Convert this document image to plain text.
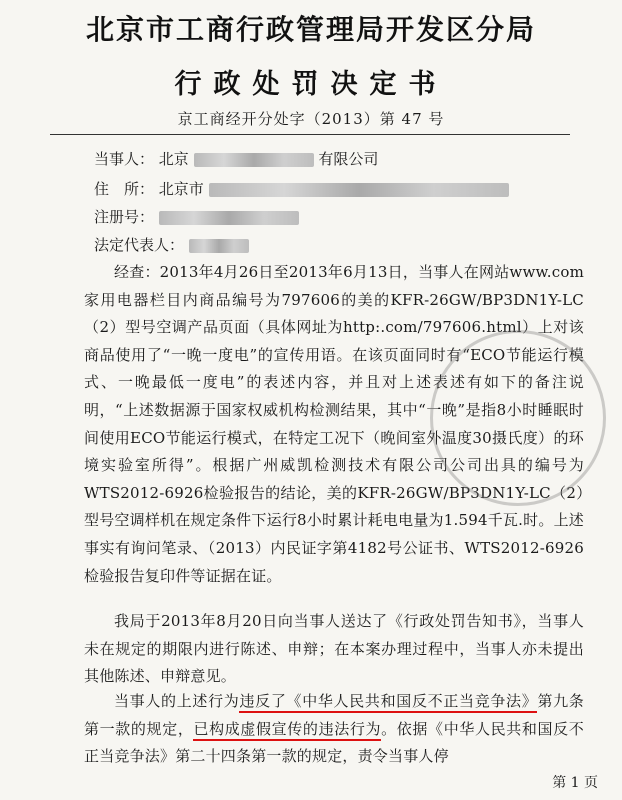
北京市工商行政管理局开发区分局
行政处罚决定书
京工商经开分处字（2013）第 47 号
当事人： 北京	有限公司
住　所： 北京市
注册号：
法定代表人：
经查：2013年4月26日至2013年6月13日，当事人在网站www.com家用电器栏目内商品编号为797606的美的KFR-26GW/BP3DN1Y-LC（2）型号空调产品页面（具体网址为http:.com/797606.html）上对该商品使用了“一晚一度电”的宣传用语。在该页面同时有“ECO节能运行模式、一晚最低一度电”的表述内容，并且对上述表述有如下的备注说明，“上述数据源于国家权威机构检测结果，其中“一晚”是指8小时睡眠时间使用ECO节能运行模式，在特定工况下（晚间室外温度30摄氏度）的环境实验室所得”。根据广州威凯检测技术有限公司公司出具的编号为WTS2012-6926检验报告的结论，美的KFR-26GW/BP3DN1Y-LC（2）型号空调样机在规定条件下运行8小时累计耗电电量为1.594千瓦.时。上述事实有询问笔录、（2013）内民证字第4182号公证书、WTS2012-6926检验报告复印件等证据在证。
我局于2013年8月20日向当事人送达了《行政处罚告知书》，当事人未在规定的期限内进行陈述、申辩；在本案办理过程中，当事人亦未提出其他陈述、申辩意见。
当事人的上述行为违反了《中华人民共和国反不正当竞争法》第九条第一款的规定，已构成虚假宣传的违法行为。依据《中华人民共和国反不正当竞争法》第二十四条第一款的规定，责令当事人停
第 1 页
